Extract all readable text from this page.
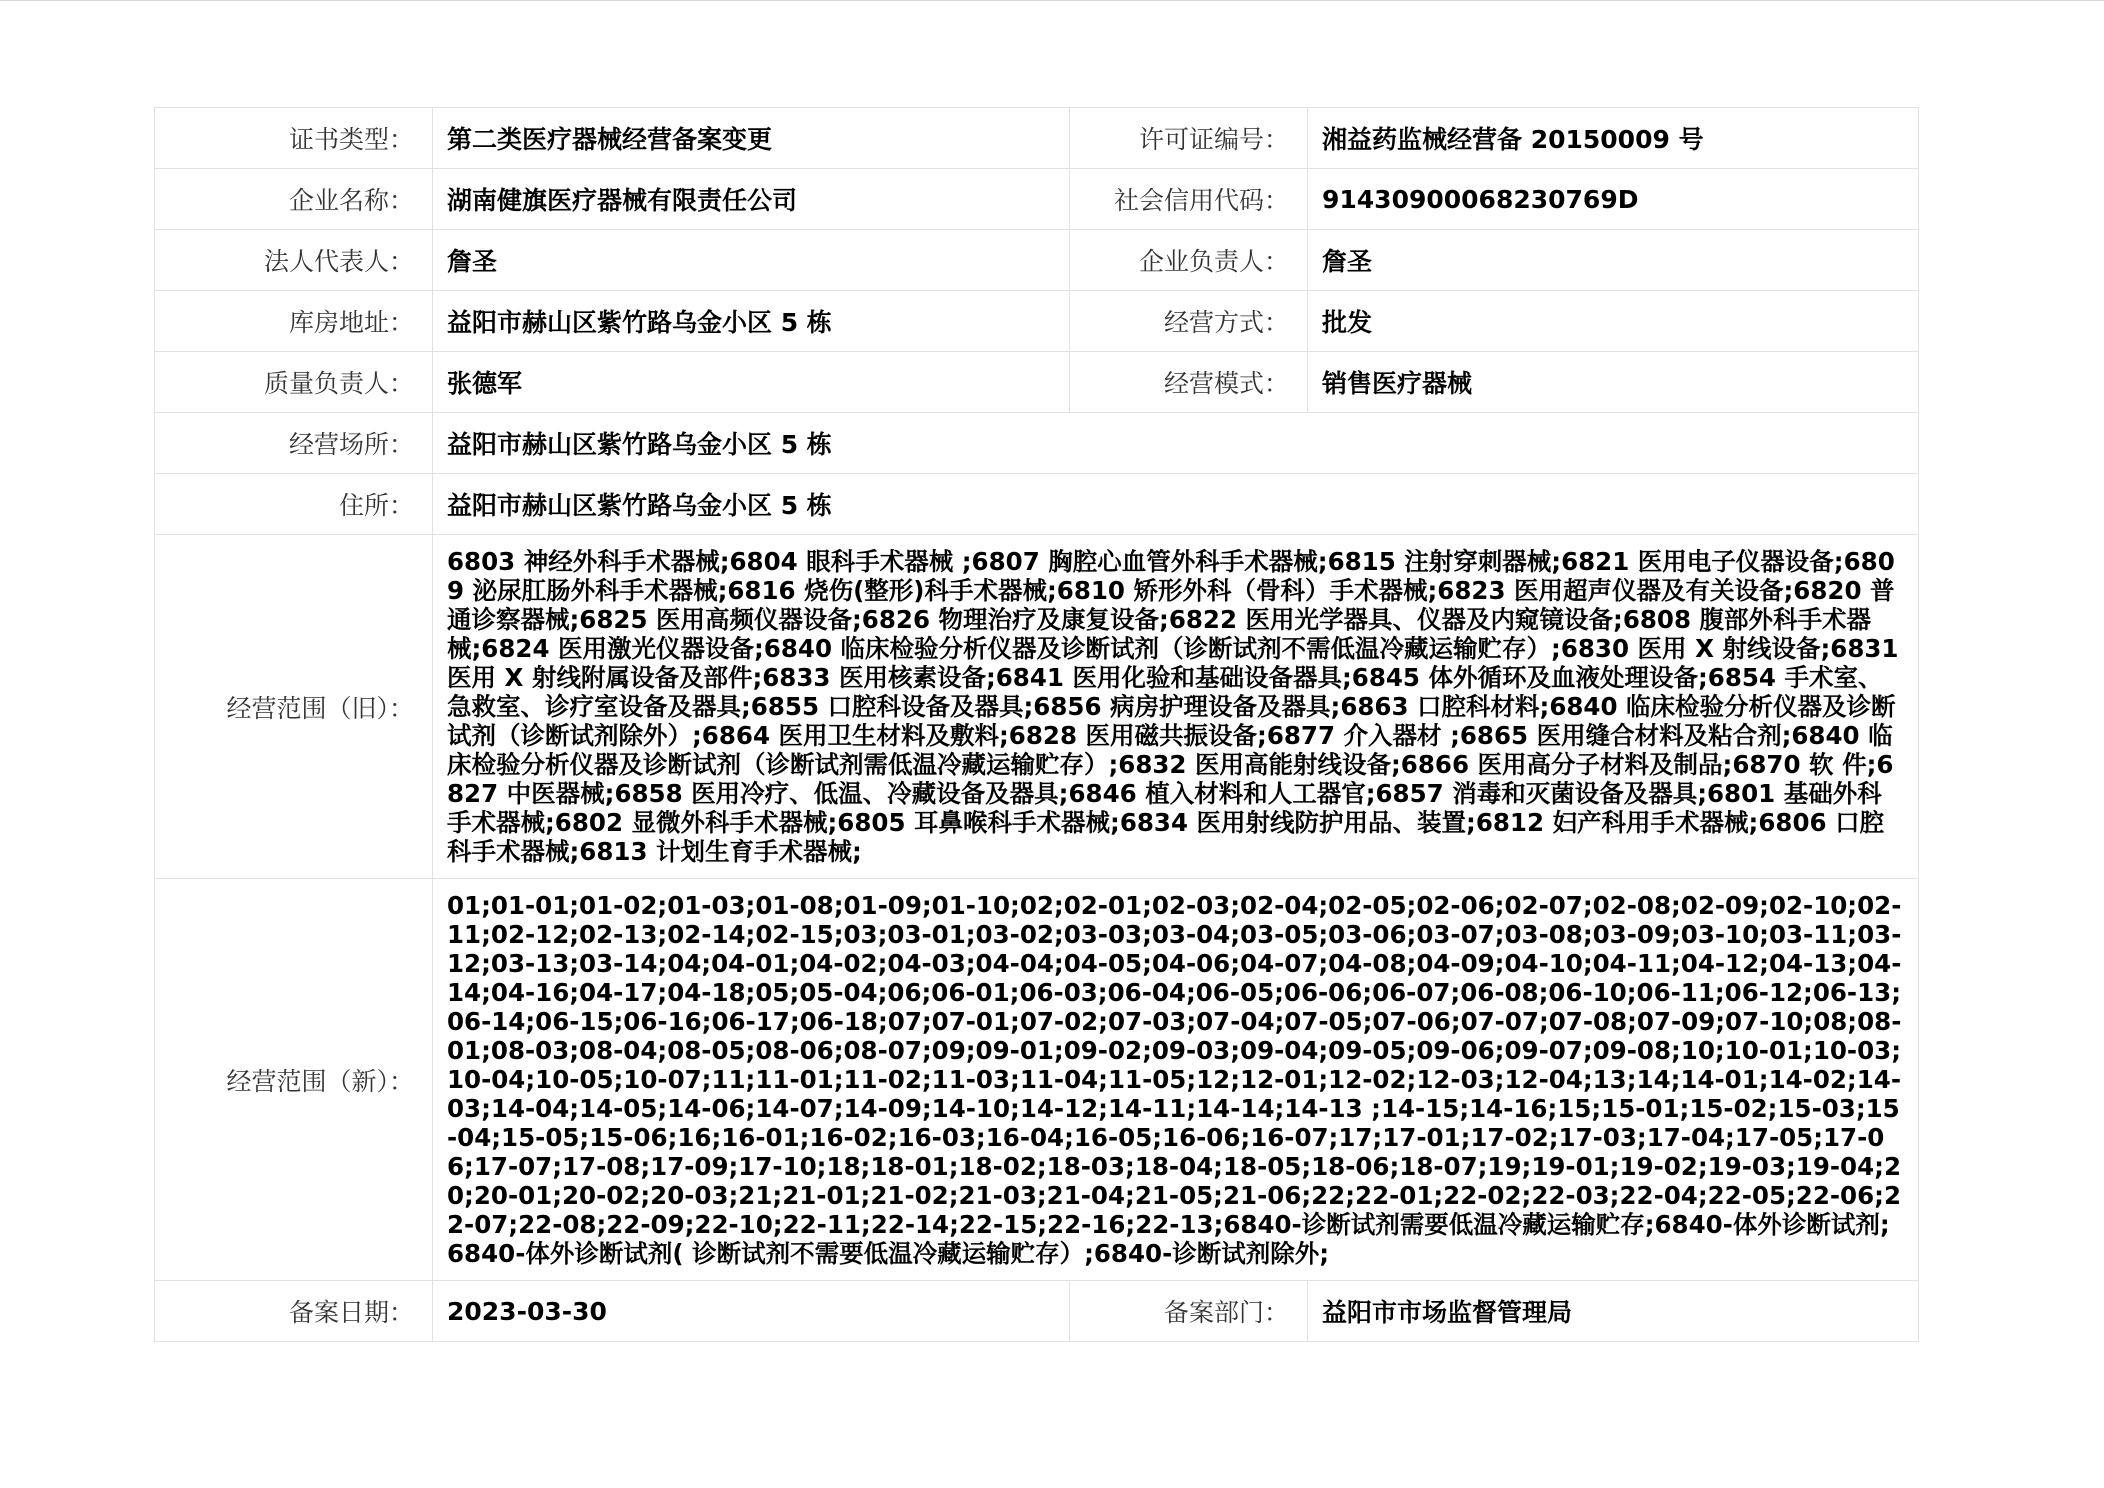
证书类型：	第二类医疗器械经营备案变更	许可证编号：	湘益药监械经营备 20150009 号
企业名称：	湖南健旗医疗器械有限责任公司	社会信用代码：	91430900068230769D
法人代表人：	詹圣	企业负责人：	詹圣
库房地址：	益阳市赫山区紫竹路乌金小区 5 栋	经营方式：	批发
质量负责人：	张德军	经营模式：	销售医疗器械
经营场所：	益阳市赫山区紫竹路乌金小区 5 栋		
住所：	益阳市赫山区紫竹路乌金小区 5 栋		
经营范围（旧）：	6803 神经外科手术器械;6804 眼科手术器械 ;6807 胸腔心血管外科手术器械;6815 注射穿刺器械;6821 医用电子仪器设备;6809 泌尿肛肠外科手术器械;6816 烧伤(整形)科手术器械;6810 矫形外科（骨科）手术器械;6823 医用超声仪器及有关设备;6820 普通诊察器械;6825 医用高频仪器设备;6826 物理治疗及康复设备;6822 医用光学器具、仪器及内窥镜设备;6808 腹部外科手术器械;6824 医用激光仪器设备;6840 临床检验分析仪器及诊断试剂（诊断试剂不需低温冷藏运输贮存）;6830 医用 X 射线设备;6831 医用 X 射线附属设备及部件;6833 医用核素设备;6841 医用化验和基础设备器具;6845 体外循环及血液处理设备;6854 手术室、急救室、诊疗室设备及器具;6855 口腔科设备及器具;6856 病房护理设备及器具;6863 口腔科材料;6840 临床检验分析仪器及诊断试剂（诊断试剂除外）;6864 医用卫生材料及敷料;6828 医用磁共振设备;6877 介入器材 ;6865 医用缝合材料及粘合剂;6840 临床检验分析仪器及诊断试剂（诊断试剂需低温冷藏运输贮存）;6832 医用高能射线设备;6866 医用高分子材料及制品;6870 软 件;6827 中医器械;6858 医用冷疗、低温、冷藏设备及器具;6846 植入材料和人工器官;6857 消毒和灭菌设备及器具;6801 基础外科手术器械;6802 显微外科手术器械;6805 耳鼻喉科手术器械;6834 医用射线防护用品、装置;6812 妇产科用手术器械;6806 口腔科手术器械;6813 计划生育手术器械;		
经营范围（新）：	01;01-01;01-02;01-03;01-08;01-09;01-10;02;02-01;02-03;02-04;02-05;02-06;02-07;02-08;02-09;02-10;02-11;02-12;02-13;02-14;02-15;03;03-01;03-02;03-03;03-04;03-05;03-06;03-07;03-08;03-09;03-10;03-11;03-12;03-13;03-14;04;04-01;04-02;04-03;04-04;04-05;04-06;04-07;04-08;04-09;04-10;04-11;04-12;04-13;04-14;04-16;04-17;04-18;05;05-04;06;06-01;06-03;06-04;06-05;06-06;06-07;06-08;06-10;06-11;06-12;06-13;06-14;06-15;06-16;06-17;06-18;07;07-01;07-02;07-03;07-04;07-05;07-06;07-07;07-08;07-09;07-10;08;08-01;08-03;08-04;08-05;08-06;08-07;09;09-01;09-02;09-03;09-04;09-05;09-06;09-07;09-08;10;10-01;10-03;10-04;10-05;10-07;11;11-01;11-02;11-03;11-04;11-05;12;12-01;12-02;12-03;12-04;13;14;14-01;14-02;14-03;14-04;14-05;14-06;14-07;14-09;14-10;14-12;14-11;14-14;14-13 ;14-15;14-16;15;15-01;15-02;15-03;15-04;15-05;15-06;16;16-01;16-02;16-03;16-04;16-05;16-06;16-07;17;17-01;17-02;17-03;17-04;17-05;17-06;17-07;17-08;17-09;17-10;18;18-01;18-02;18-03;18-04;18-05;18-06;18-07;19;19-01;19-02;19-03;19-04;20;20-01;20-02;20-03;21;21-01;21-02;21-03;21-04;21-05;21-06;22;22-01;22-02;22-03;22-04;22-05;22-06;22-07;22-08;22-09;22-10;22-11;22-14;22-15;22-16;22-13;6840-诊断试剂需要低温冷藏运输贮存;6840-体外诊断试剂;6840-体外诊断试剂( 诊断试剂不需要低温冷藏运输贮存）;6840-诊断试剂除外;		
备案日期：	2023-03-30	备案部门：	益阳市市场监督管理局
